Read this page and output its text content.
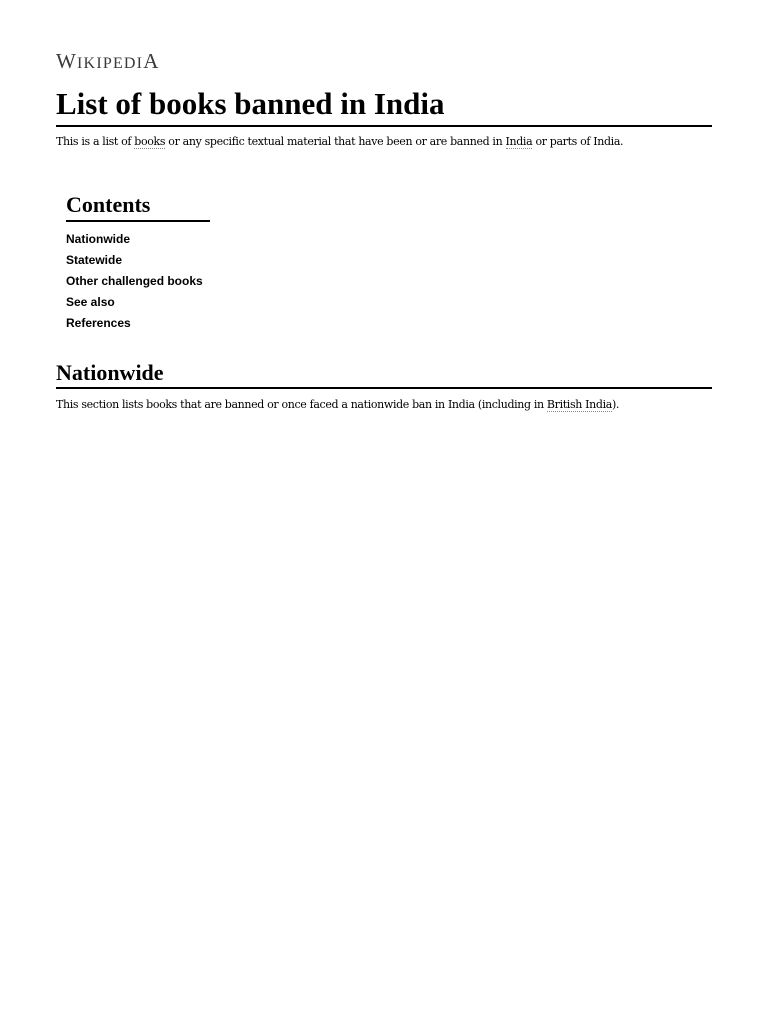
WIKIPEDIA
List of books banned in India
This is a list of books or any specific textual material that have been or are banned in India or parts of India.
Contents
Nationwide
Statewide
Other challenged books
See also
References
Nationwide
This section lists books that are banned or once faced a nationwide ban in India (including in British India).
